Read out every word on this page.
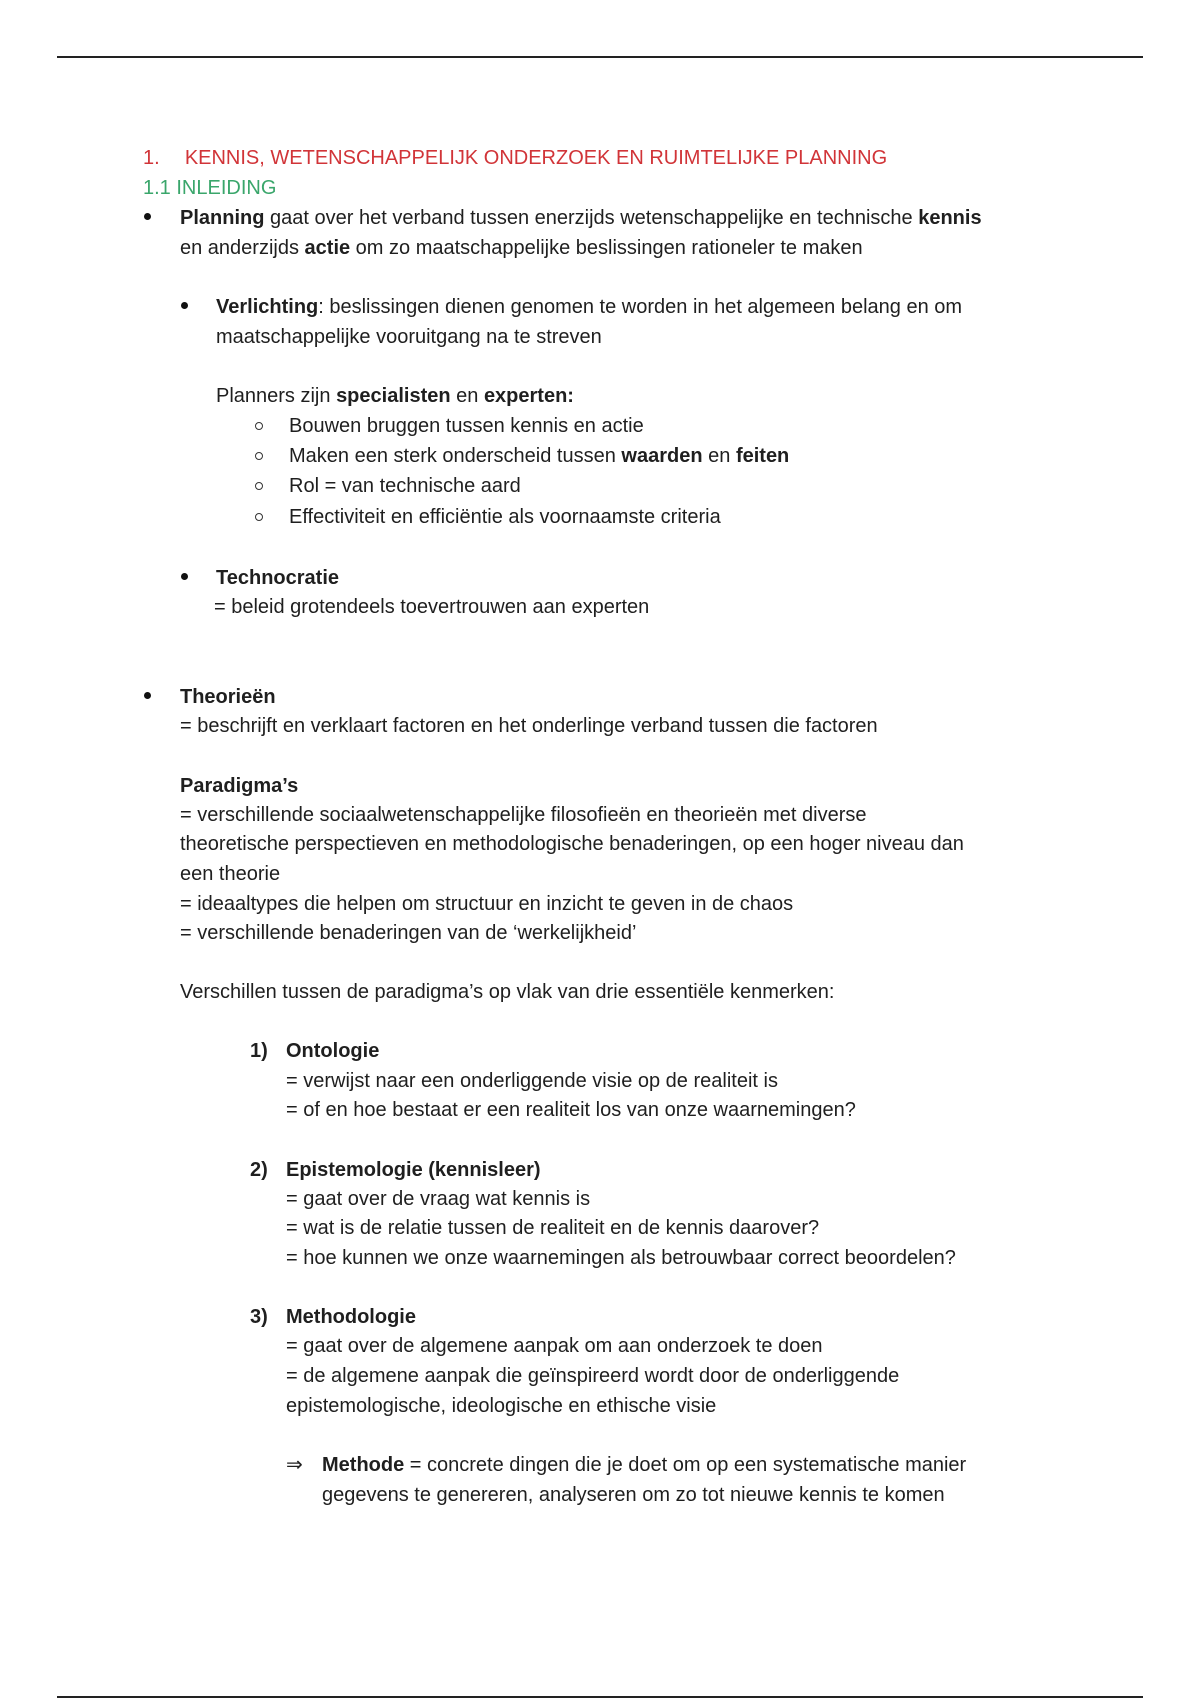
1. KENNIS, WETENSCHAPPELIJK ONDERZOEK EN RUIMTELIJKE PLANNING
1.1 INLEIDING
Planning gaat over het verband tussen enerzijds wetenschappelijke en technische kennis
en anderzijds actie om zo maatschappelijke beslissingen rationeler te maken
Verlichting: beslissingen dienen genomen te worden in het algemeen belang en om
maatschappelijke vooruitgang na te streven
Planners zijn specialisten en experten:
Bouwen bruggen tussen kennis en actie
Maken een sterk onderscheid tussen waarden en feiten
Rol = van technische aard
Effectiviteit en efficiëntie als voornaamste criteria
Technocratie
= beleid grotendeels toevertrouwen aan experten
Theorieën
= beschrijft en verklaart factoren en het onderlinge verband tussen die factoren
Paradigma’s
= verschillende sociaalwetenschappelijke filosofieën en theorieën met diverse
theoretische perspectieven en methodologische benaderingen, op een hoger niveau dan
een theorie
= ideaaltypes die helpen om structuur en inzicht te geven in de chaos
= verschillende benaderingen van de ‘werkelijkheid’
Verschillen tussen de paradigma’s op vlak van drie essentiële kenmerken:
1) Ontologie
= verwijst naar een onderliggende visie op de realiteit is
= of en hoe bestaat er een realiteit los van onze waarnemingen?
2) Epistemologie (kennisleer)
= gaat over de vraag wat kennis is
= wat is de relatie tussen de realiteit en de kennis daarover?
= hoe kunnen we onze waarnemingen als betrouwbaar correct beoordelen?
3) Methodologie
= gaat over de algemene aanpak om aan onderzoek te doen
= de algemene aanpak die geïnspireerd wordt door de onderliggende
epistemologische, ideologische en ethische visie
⇒ Methode = concrete dingen die je doet om op een systematische manier
gegevens te genereren, analyseren om zo tot nieuwe kennis te komen
